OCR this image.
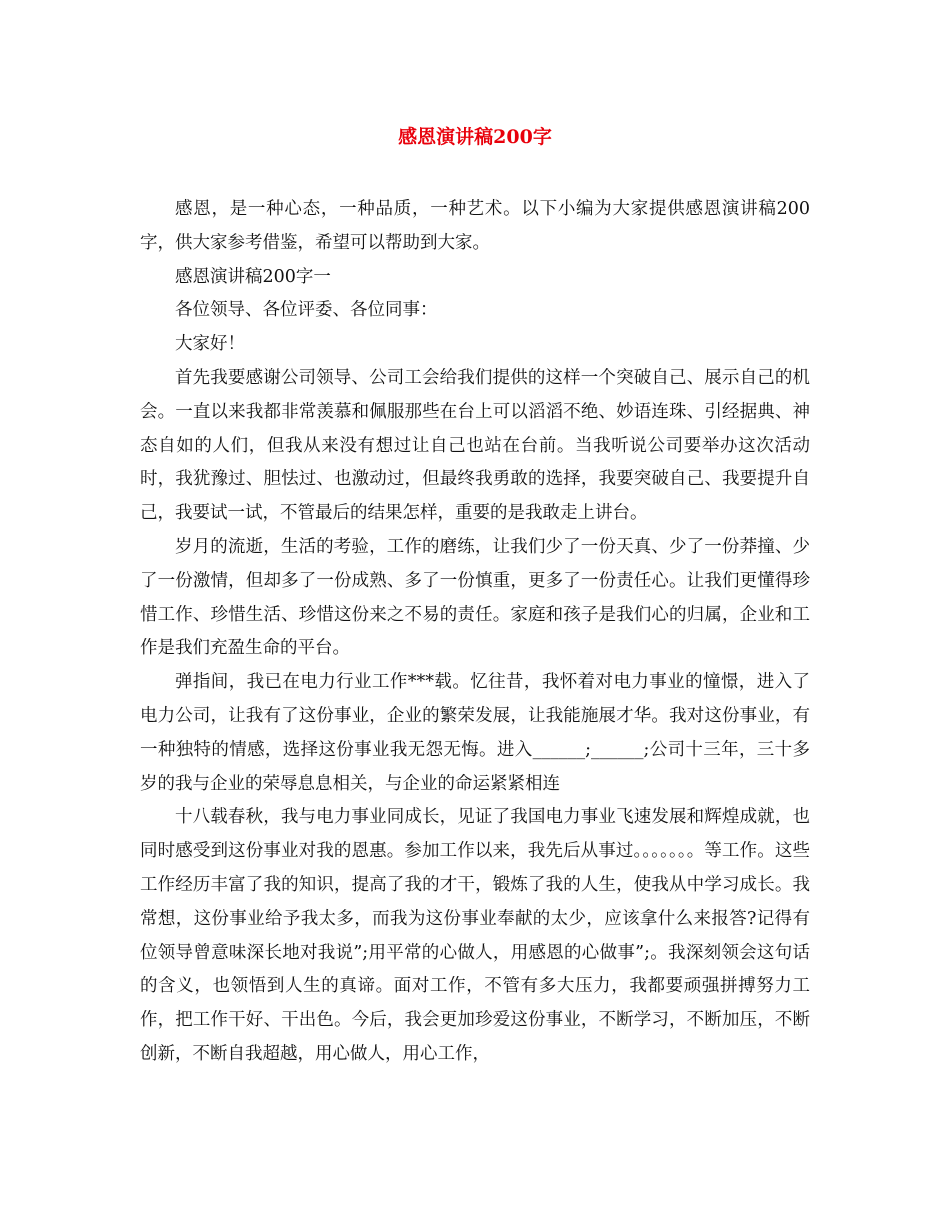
感恩演讲稿200字

感恩，是一种心态，一种品质，一种艺术。以下小编为大家提供感恩演讲稿200字，供大家参考借鉴，希望可以帮助到大家。

感恩演讲稿200字一

各位领导、各位评委、各位同事：

大家好！

首先我要感谢公司领导、公司工会给我们提供的这样一个突破自己、展示自己的机会。一直以来我都非常羡慕和佩服那些在台上可以滔滔不绝、妙语连珠、引经据典、神态自如的人们，但我从来没有想过让自己也站在台前。当我听说公司要举办这次活动时，我犹豫过、胆怯过、也激动过，但最终我勇敢的选择，我要突破自己、我要提升自己，我要试一试，不管最后的结果怎样，重要的是我敢走上讲台。

岁月的流逝，生活的考验，工作的磨练，让我们少了一份天真、少了一份莽撞、少了一份激情，但却多了一份成熟、多了一份慎重，更多了一份责任心。让我们更懂得珍惜工作、珍惜生活、珍惜这份来之不易的责任。家庭和孩子是我们心的归属，企业和工作是我们充盈生命的平台。

弹指间，我已在电力行业工作***载。忆往昔，我怀着对电力事业的憧憬，进入了电力公司，让我有了这份事业，企业的繁荣发展，让我能施展才华。我对这份事业，有一种独特的情感，选择这份事业我无怨无悔。进入______;______;公司十三年，三十多岁的我与企业的荣辱息息相关，与企业的命运紧紧相连

十八载春秋，我与电力事业同成长，见证了我国电力事业飞速发展和辉煌成就，也同时感受到这份事业对我的恩惠。参加工作以来，我先后从事过。。。。。。。等工作。这些工作经历丰富了我的知识，提高了我的才干，锻炼了我的人生，使我从中学习成长。我常想，这份事业给予我太多，而我为这份事业奉献的太少，应该拿什么来报答?记得有位领导曾意味深长地对我说”;用平常的心做人，用感恩的心做事”;。我深刻领会这句话的含义，也领悟到人生的真谛。面对工作，不管有多大压力，我都要顽强拼搏努力工作，把工作干好、干出色。今后，我会更加珍爱这份事业，不断学习，不断加压，不断创新，不断自我超越，用心做人，用心工作，
